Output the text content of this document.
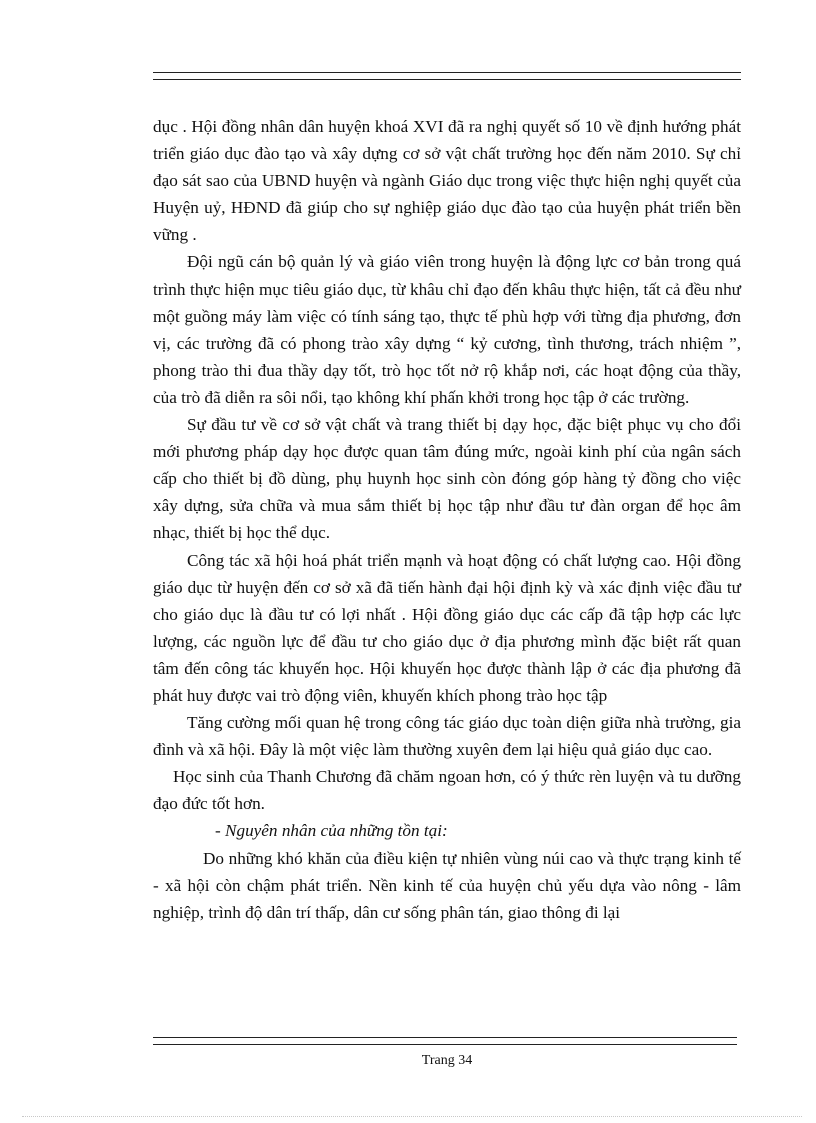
dục . Hội đồng nhân dân huyện khoá XVI đã ra nghị quyết số 10 về định hướng phát triển giáo dục đào tạo và xây dựng cơ sở vật chất trường học đến năm 2010. Sự chỉ đạo sát sao của UBND huyện và ngành Giáo dục trong việc thực hiện nghị quyết của Huyện uỷ, HĐND đã giúp cho sự nghiệp giáo dục đào tạo của huyện phát triển bền vững .

Đội ngũ cán bộ quản lý và giáo viên trong huyện là động lực cơ bản trong quá trình thực hiện mục tiêu giáo dục, từ khâu chỉ đạo đến khâu thực hiện, tất cả đều như một guồng máy làm việc có tính sáng tạo, thực tế phù hợp với từng địa phương, đơn vị, các trường đã có phong trào xây dựng “ kỷ cương, tình thương, trách nhiệm ”, phong trào thi đua thầy dạy tốt, trò học tốt nở rộ khắp nơi, các hoạt động của thầy, của trò đã diễn ra sôi nổi, tạo không khí phấn khởi trong học tập ở các trường.

Sự đầu tư về cơ sở vật chất và trang thiết bị dạy học, đặc biệt phục vụ cho đổi mới phương pháp dạy học được quan tâm đúng mức, ngoài kinh phí của ngân sách cấp cho thiết bị đồ dùng, phụ huynh học sinh còn đóng góp hàng tỷ đồng cho việc xây dựng, sửa chữa và mua sắm thiết bị học tập như đầu tư đàn organ để học âm nhạc, thiết bị học thể dục.

Công tác xã hội hoá phát triển mạnh và hoạt động có chất lượng cao. Hội đồng giáo dục từ huyện đến cơ sở xã đã tiến hành đại hội định kỳ và xác định việc đầu tư cho giáo dục là đầu tư có lợi nhất . Hội đồng giáo dục các cấp đã tập hợp các lực lượng, các nguồn lực để đầu tư cho giáo dục ở địa phương mình đặc biệt rất quan tâm đến công tác khuyến học. Hội khuyến học được thành lập ở các địa phương đã phát huy được vai trò động viên, khuyến khích phong trào học tập

Tăng cường mối quan hệ trong công tác giáo dục toàn diện giữa nhà trường, gia đình và xã hội. Đây là một việc làm thường xuyên đem lại hiệu quả giáo dục cao.

Học sinh của Thanh Chương đã chăm ngoan hơn, có ý thức rèn luyện và tu dưỡng đạo đức tốt hơn.

- Nguyên nhân của những tồn tại:

Do những khó khăn của điều kiện tự nhiên vùng núi cao và thực trạng kinh tế - xã hội còn chậm phát triển. Nền kinh tế của huyện chủ yếu dựa vào nông - lâm nghiệp, trình độ dân trí thấp, dân cư sống phân tán, giao thông đi lại

Trang 34
